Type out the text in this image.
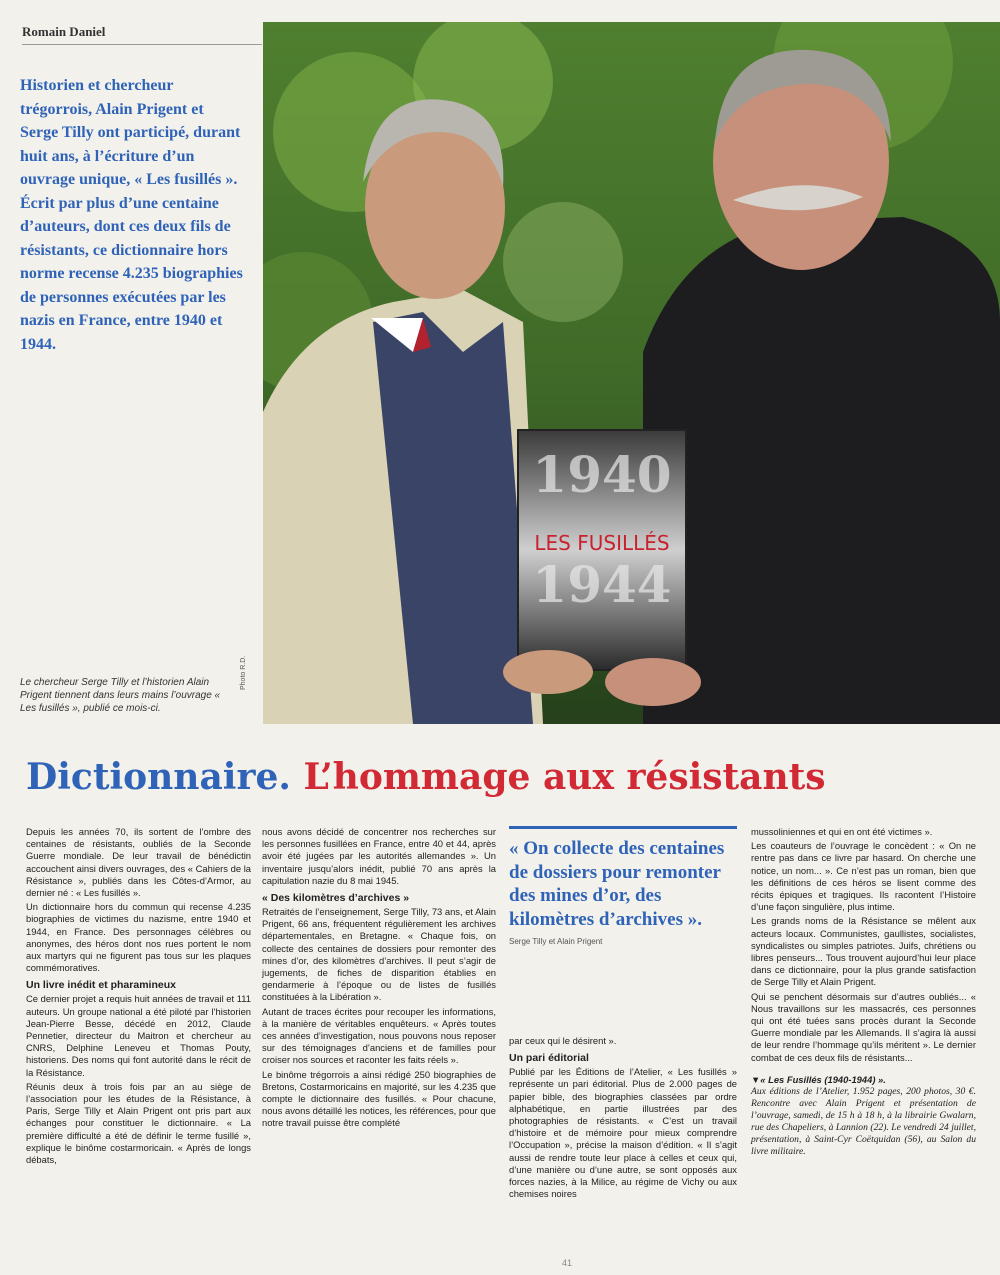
Romain Daniel

Historien et chercheur trégorrois, Alain Prigent et Serge Tilly ont participé, durant huit ans, à l’écriture d’un ouvrage unique, « Les fusillés ». Écrit par plus d’une centaine d’auteurs, dont ces deux fils de résistants, ce dictionnaire hors norme recense 4.235 biographies de personnes exécutées par les nazis en France, entre 1940 et 1944.

1940
LES FUSILLÉS
1944

Le chercheur Serge Tilly et l’historien Alain Prigent tiennent dans leurs mains l’ouvrage « Les fusillés », publié ce mois-ci.

Photo R.D.
Dictionnaire. L’hommage aux résistants

Depuis les années 70, ils sortent de l’ombre des centaines de résistants, oubliés de la Seconde Guerre mondiale. De leur travail de bénédictin accouchent ainsi divers ouvrages, des « Cahiers de la Résistance », publiés dans les Côtes-d’Armor, au dernier né : « Les fusillés ».

Un dictionnaire hors du commun qui recense 4.235 biographies de victimes du nazisme, entre 1940 et 1944, en France. Des personnages célèbres ou anonymes, des héros dont nos rues portent le nom aux martyrs qui ne figurent pas tous sur les plaques commémoratives.

Un livre inédit et pharamineux

Ce dernier projet a requis huit années de travail et 111 auteurs. Un groupe national a été piloté par l’historien Jean-Pierre Besse, décédé en 2012, Claude Pennetier, directeur du Maitron et chercheur au CNRS, Delphine Leneveu et Thomas Pouty, historiens. Des noms qui font autorité dans le récit de la Résistance.

Réunis deux à trois fois par an au siège de l’association pour les études de la Résistance, à Paris, Serge Tilly et Alain Prigent ont pris part aux échanges pour constituer le dictionnaire. « La première difficulté a été de définir le terme fusillé », explique le binôme costarmoricain. « Après de longs débats,

nous avons décidé de concentrer nos recherches sur les personnes fusillées en France, entre 40 et 44, après avoir été jugées par les autorités allemandes ». Un inventaire jusqu’alors inédit, publié 70 ans après la capitulation nazie du 8 mai 1945.

« Des kilomètres d’archives »

Retraités de l’enseignement, Serge Tilly, 73 ans, et Alain Prigent, 66 ans, fréquentent régulièrement les archives départementales, en Bretagne. « Chaque fois, on collecte des centaines de dossiers pour remonter des mines d’or, des kilomètres d’archives. Il peut s’agir de jugements, de fiches de disparition établies en gendarmerie à l’époque ou de listes de fusillés constituées à la Libération ».

Autant de traces écrites pour recouper les informations, à la manière de véritables enquêteurs. « Après toutes ces années d’investigation, nous pouvons nous reposer sur des témoignages d’anciens et de familles pour croiser nos sources et raconter les faits réels ».

Le binôme trégorrois a ainsi rédigé 250 biographies de Bretons, Costarmoricains en majorité, sur les 4.235 que compte le dictionnaire des fusillés. « Pour chacune, nous avons détaillé les notices, les références, pour que notre travail puisse être complété

« On collecte des centaines de dossiers pour remonter des mines d’or, des kilomètres d’archives ».

Serge Tilly et Alain Prigent

par ceux qui le désirent ».

Un pari éditorial

Publié par les Éditions de l’Atelier, « Les fusillés » représente un pari éditorial. Plus de 2.000 pages de papier bible, des biographies classées par ordre alphabétique, en partie illustrées par des photographies de résistants. « C’est un travail d’histoire et de mémoire pour mieux comprendre l’Occupation », précise la maison d’édition. « Il s’agit aussi de rendre toute leur place à celles et ceux qui, d’une manière ou d’une autre, se sont opposés aux forces nazies, à la Milice, au régime de Vichy ou aux chemises noires

mussoliniennes et qui en ont été victimes ».

Les coauteurs de l’ouvrage le concèdent : « On ne rentre pas dans ce livre par hasard. On cherche une notice, un nom... ». Ce n’est pas un roman, bien que les définitions de ces héros se lisent comme des récits épiques et tragiques. Ils racontent l’Histoire d’une façon singulière, plus intime.

Les grands noms de la Résistance se mêlent aux acteurs locaux. Communistes, gaullistes, socialistes, syndicalistes ou simples patriotes. Juifs, chrétiens ou libres penseurs... Tous trouvent aujourd’hui leur place dans ce dictionnaire, pour la plus grande satisfaction de Serge Tilly et Alain Prigent.

Qui se penchent désormais sur d’autres oubliés... « Nous travaillons sur les massacrés, ces personnes qui ont été tuées sans procès durant la Seconde Guerre mondiale par les Allemands. Il s’agira là aussi de leur rendre l’hommage qu’ils méritent ». Le dernier combat de ces deux fils de résistants...

▼« Les Fusillés (1940-1944) ».
Aux éditions de l’Atelier, 1.952 pages, 200 photos, 30 €. Rencontre avec Alain Prigent et présentation de l’ouvrage, samedi, de 15 h à 18 h, à la librairie Gwalarn, rue des Chapeliers, à Lannion (22). Le vendredi 24 juillet, présentation, à Saint-Cyr Coëtquidan (56), au Salon du livre militaire.
41
